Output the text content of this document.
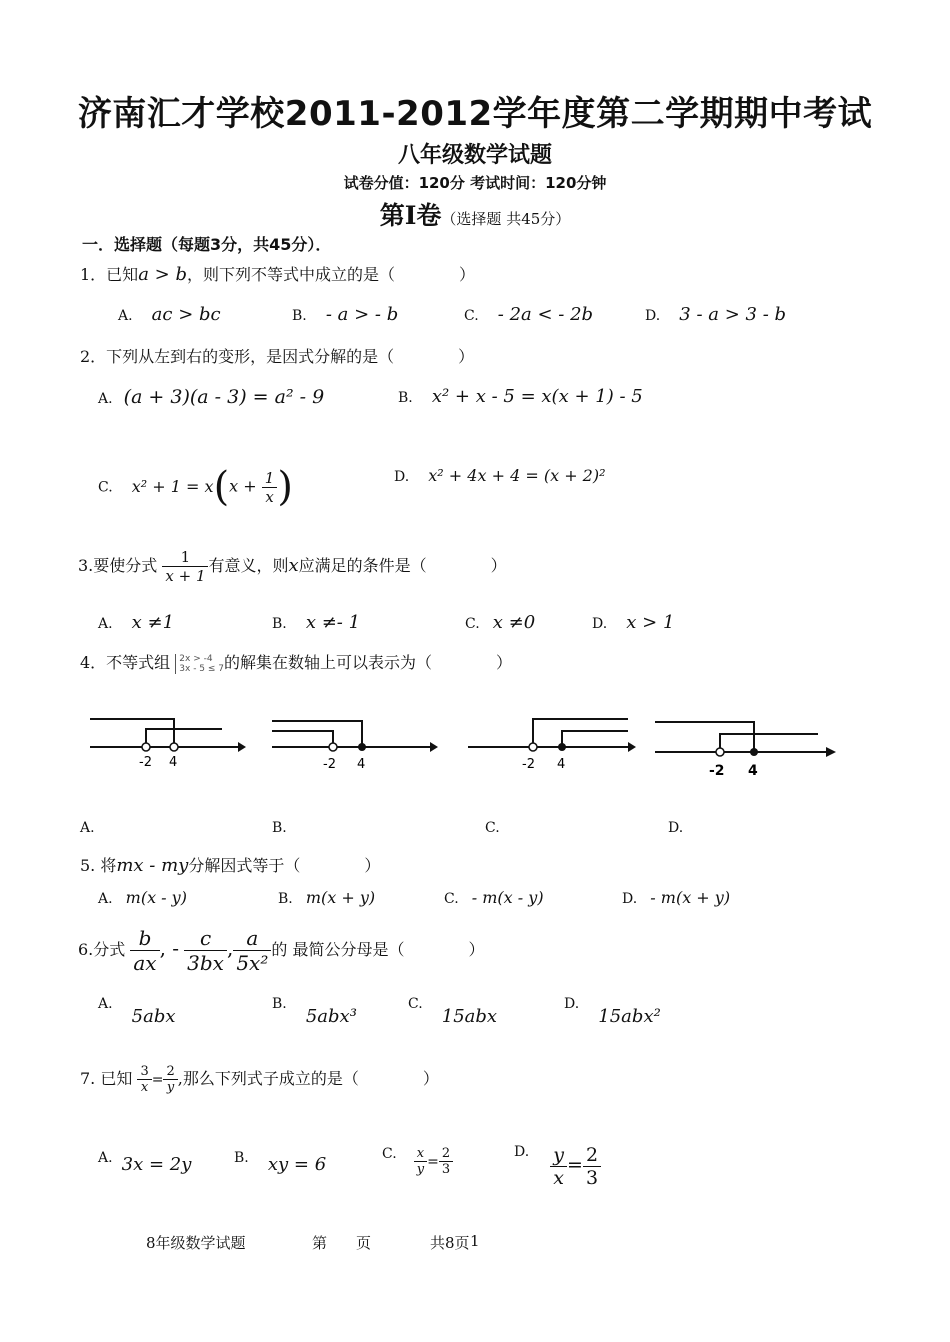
济南汇才学校2011-2012学年度第二学期期中考试
八年级数学试题
试卷分值：120分 考试时间：120分钟
第Ⅰ卷（选择题 共45分）
一．选择题（每题3分，共45分）．
1．已知a > b，则下列不等式中成立的是（　　　　）
A. ac > bc	B. - a > - b	C. - 2a < - 2b	D. 3 - a > 3 - b
2．下列从左到右的变形，是因式分解的是（　　　　）
A. (a + 3)(a - 3) = a² - 9	B. x² + x - 5 = x(x + 1) - 5
C. $x^2 + 1 = x(x + \frac{1}{x}$ )	D. x² + 4x + 4 = (x + 2)²
3.要使分式 $\frac{1}{x + 1}$ 有意义，则x应满足的条件是（　　　　）
A. x ≠1	B. x ≠- 1	C. x ≠0	D. x > 1
4．不等式组 2x > -4
3x - 5 ≤ 7 的解集在数轴上可以表示为（　　　　）
-2 4	-2 4	-2 4	-2 4
A.	B.	C.	D.
5. 将mx - my分解因式等于（　　　　）
A. m(x - y)	B. m(x + y)	C. - m(x - y)	D. - m(x + y)
6.分式 $\frac{b}{ax}$ , - $\frac{c}{3bx}$ , $\frac{a}{\text{5x²}}$ 的 最简公分母是（　　　　）
A. 5abx
B. 5abx³
C. 15abx
D. 15abx²
7. 已知 $\frac{3}{x} = \frac{2}{y}$ ,那么下列式子成立的是（　　　　）
A. 3x = 2y	B. xy = 6	C. $\frac{x}{y} = \frac{2}{3}$	D. $\frac{y}{x} = \frac{2}{3}$
8年级数学试题	第 页	共8页 1
